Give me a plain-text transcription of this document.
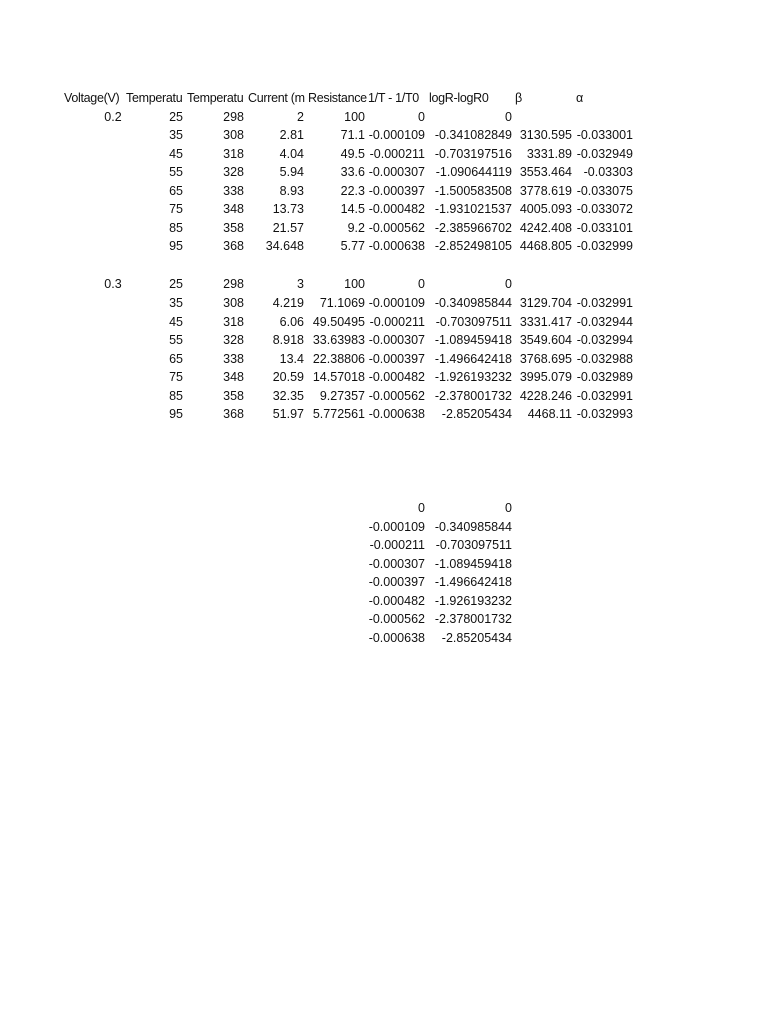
Voltage(V) Temperatu Temperatu Current (m Resistance 1/T - 1/T0 logR-logR0	β	α
0.2	25	298	2	100	0	0
35	308	2.81	71.1 -0.000109 -0.341082849 3130.595 -0.033001
45	318	4.04	49.5 -0.000211 -0.703197516	3331.89 -0.032949
55	328	5.94	33.6 -0.000307 -1.090644119 3553.464 -0.03303
65	338	8.93	22.3 -0.000397 -1.500583508 3778.619 -0.033075
75	348	13.73	14.5 -0.000482 -1.931021537 4005.093 -0.033072
85	358	21.57	9.2 -0.000562 -2.385966702 4242.408 -0.033101
95	368	34.648	5.77 -0.000638 -2.852498105 4468.805 -0.032999
0.3	25	298	3	100	0	0
35	308	4.219	71.1069 -0.000109 -0.340985844 3129.704 -0.032991
45	318	6.06 49.50495 -0.000211 -0.703097511 3331.417 -0.032944
55	328	8.918 33.63983 -0.000307 -1.089459418 3549.604 -0.032994
65	338	13.4 22.38806 -0.000397 -1.496642418 3768.695 -0.032988
75	348	20.59 14.57018 -0.000482 -1.926193232 3995.079 -0.032989
85	358	32.35	9.27357 -0.000562 -2.378001732 4228.246 -0.032991
95	368	51.97 5.772561 -0.000638	-2.85205434	4468.11 -0.032993
0	0
-0.000109 -0.340985844
-0.000211 -0.703097511
-0.000307 -1.089459418
-0.000397 -1.496642418
-0.000482 -1.926193232
-0.000562 -2.378001732
-0.000638	-2.85205434
